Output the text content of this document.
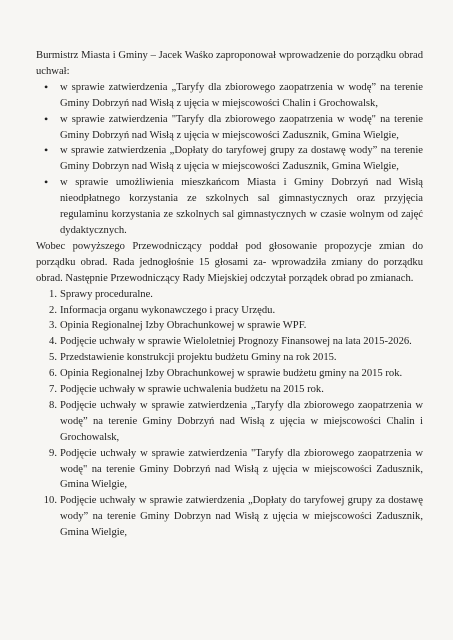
Burmistrz Miasta i Gminy – Jacek Waśko zaproponował wprowadzenie do porządku obrad uchwał:

• w sprawie zatwierdzenia „Taryfy dla zbiorowego zaopatrzenia w wodę” na terenie Gminy Dobrzyń nad Wisłą z ujęcia w miejscowości Chalin i Grochowalsk,
• w sprawie zatwierdzenia "Taryfy dla zbiorowego zaopatrzenia w wodę" na terenie Gminy Dobrzyń nad Wisłą z ujęcia w miejscowości Zadusznik, Gmina Wielgie,
• w sprawie zatwierdzenia „Dopłaty do taryfowej grupy za dostawę wody” na terenie Gminy Dobrzyn nad Wisłą z ujęcia w miejscowości Zadusznik, Gmina Wielgie,
• w sprawie umożliwienia mieszkańcom Miasta i Gminy Dobrzyń nad Wisłą nieodpłatnego korzystania ze szkolnych sal gimnastycznych oraz przyjęcia regulaminu korzystania ze szkolnych sal gimnastycznych w czasie wolnym od zajęć dydaktycznych.

Wobec powyższego Przewodniczący poddał pod głosowanie propozycje zmian do porządku obrad. Rada jednogłośnie 15 głosami za- wprowadziła zmiany do porządku obrad. Następnie Przewodniczący Rady Miejskiej odczytał porządek obrad po zmianach.

1. Sprawy proceduralne.
2. Informacja organu wykonawczego i pracy Urzędu.
3. Opinia Regionalnej Izby Obrachunkowej w sprawie WPF.
4. Podjęcie uchwały w sprawie Wieloletniej Prognozy Finansowej na lata 2015-2026.
5. Przedstawienie konstrukcji projektu budżetu Gminy na rok 2015.
6. Opinia Regionalnej Izby Obrachunkowej w sprawie budżetu gminy na 2015 rok.
7. Podjęcie uchwały w sprawie uchwalenia budżetu na 2015 rok.
8. Podjęcie uchwały w sprawie zatwierdzenia „Taryfy dla zbiorowego zaopatrzenia w wodę” na terenie Gminy Dobrzyń nad Wisłą z ujęcia w miejscowości Chalin i Grochowalsk,
9. Podjęcie uchwały w sprawie zatwierdzenia "Taryfy dla zbiorowego zaopatrzenia w wodę" na terenie Gminy Dobrzyń nad Wisłą z ujęcia w miejscowości Zadusznik, Gmina Wielgie,
10. Podjęcie uchwały w sprawie zatwierdzenia „Dopłaty do taryfowej grupy za dostawę wody” na terenie Gminy Dobrzyn nad Wisłą z ujęcia w miejscowości Zadusznik, Gmina Wielgie,
